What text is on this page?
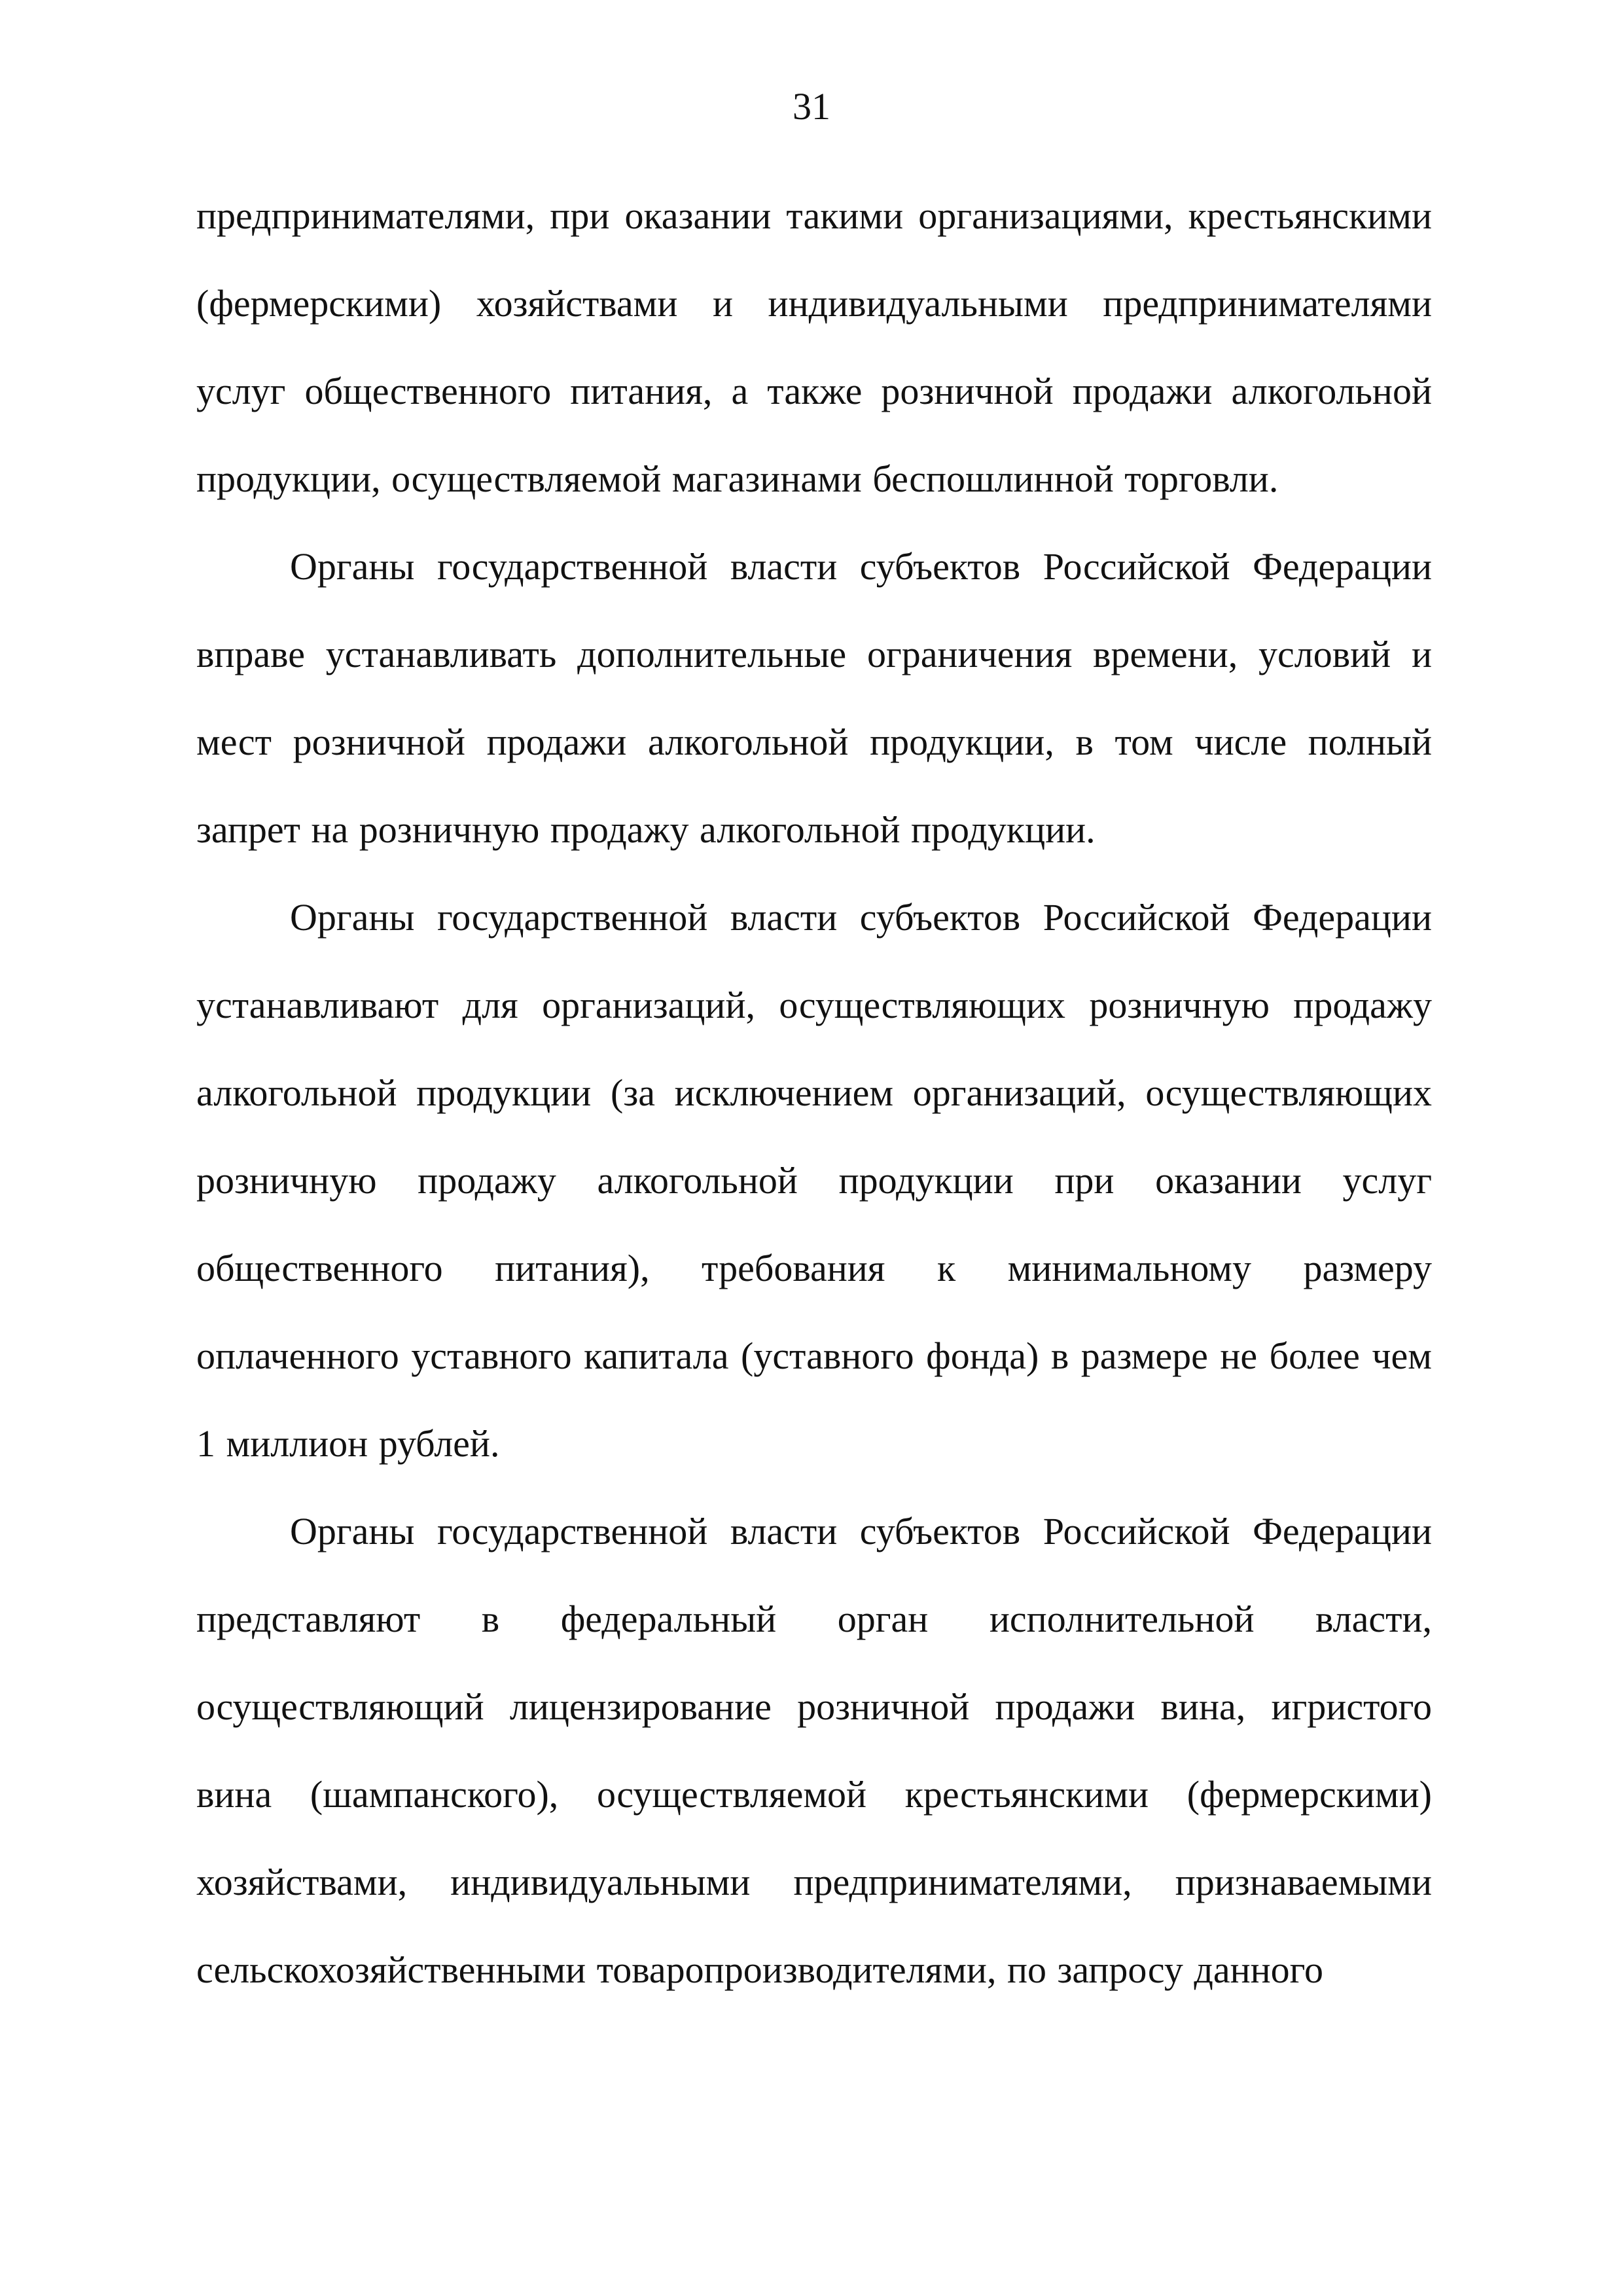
31

предпринимателями, при оказании такими организациями, крестьянскими (фермерскими) хозяйствами и индивидуальными предпринимателями услуг общественного питания, а также розничной продажи алкогольной продукции, осуществляемой магазинами беспошлинной торговли.

Органы государственной власти субъектов Российской Федерации вправе устанавливать дополнительные ограничения времени, условий и мест розничной продажи алкогольной продукции, в том числе полный запрет на розничную продажу алкогольной продукции.

Органы государственной власти субъектов Российской Федерации устанавливают для организаций, осуществляющих розничную продажу алкогольной продукции (за исключением организаций, осуществляющих розничную продажу алкогольной продукции при оказании услуг общественного питания), требования к минимальному размеру оплаченного уставного капитала (уставного фонда) в размере не более чем 1 миллион рублей.

Органы государственной власти субъектов Российской Федерации представляют в федеральный орган исполнительной власти, осуществляющий лицензирование розничной продажи вина, игристого вина (шампанского), осуществляемой крестьянскими (фермерскими) хозяйствами, индивидуальными предпринимателями, признаваемыми сельскохозяйственными товаропроизводителями, по запросу данного
